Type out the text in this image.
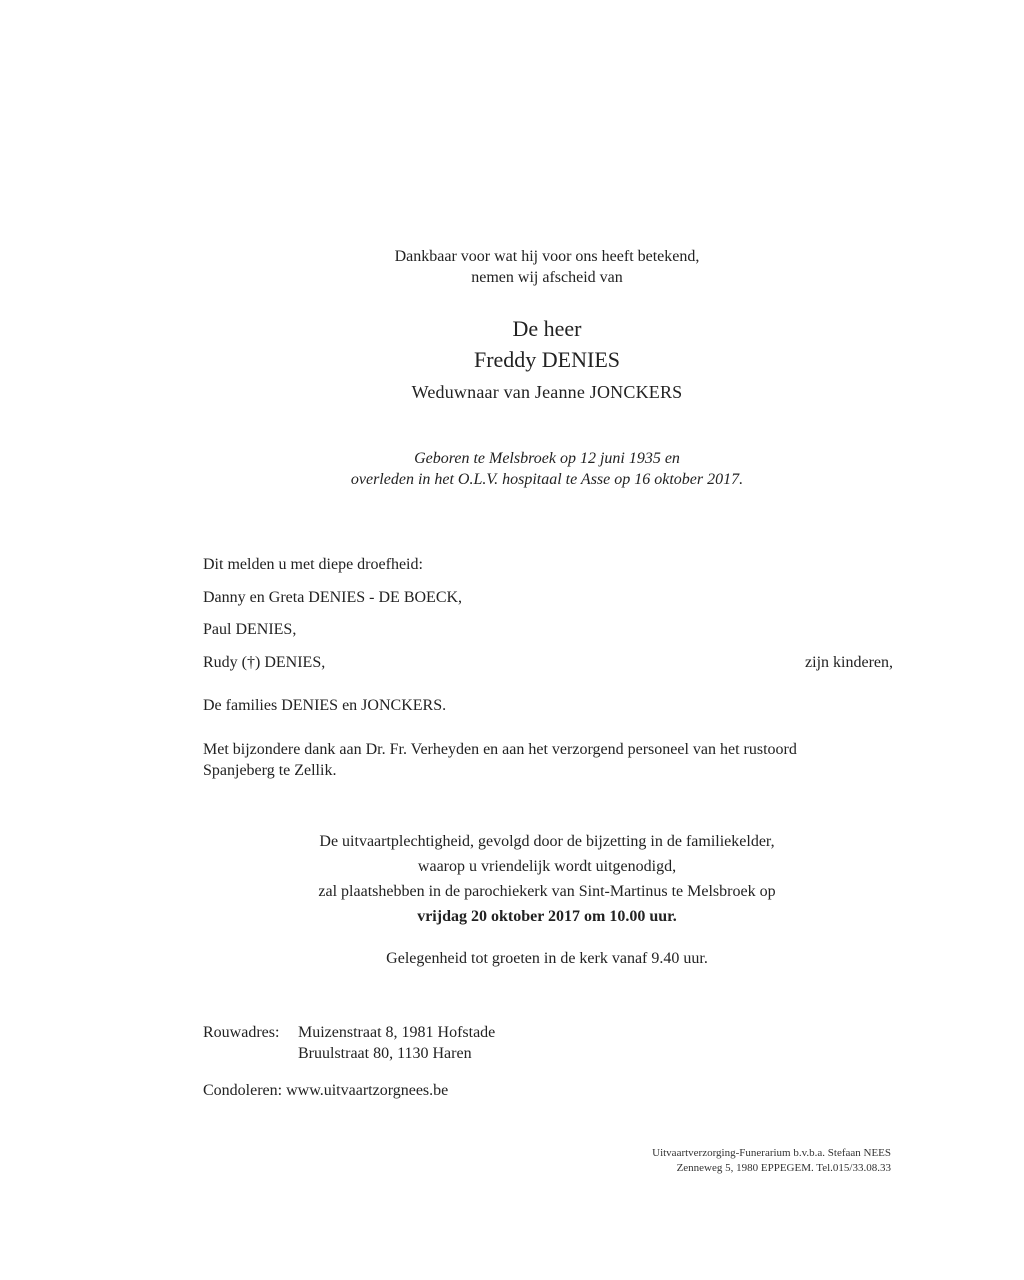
Dankbaar voor wat hij voor ons heeft betekend,
nemen wij afscheid van
De heer
Freddy DENIES
Weduwnaar van Jeanne JONCKERS
Geboren te Melsbroek op 12 juni 1935 en
overleden in het O.L.V. hospitaal te Asse op 16 oktober 2017.
Dit melden u met diepe droefheid:
Danny en Greta DENIES - DE BOECK,
Paul DENIES,
Rudy (†) DENIES,	zijn kinderen,
De families DENIES en JONCKERS.
Met bijzondere dank aan Dr. Fr. Verheyden en aan het verzorgend personeel van het rustoord
Spanjeberg te Zellik.
De uitvaartplechtigheid, gevolgd door de bijzetting in de familiekelder,
waarop u vriendelijk wordt uitgenodigd,
zal plaatshebben in de parochiekerk van Sint-Martinus te Melsbroek op
vrijdag 20 oktober 2017 om 10.00 uur.
Gelegenheid tot groeten in de kerk vanaf 9.40 uur.
Rouwadres: Muizenstraat 8, 1981 Hofstade
Bruulstraat 80, 1130 Haren
Condoleren: www.uitvaartzorgnees.be
Uitvaartverzorging-Funerarium b.v.b.a. Stefaan NEES
Zenneweg 5, 1980 EPPEGEM. Tel.015/33.08.33
